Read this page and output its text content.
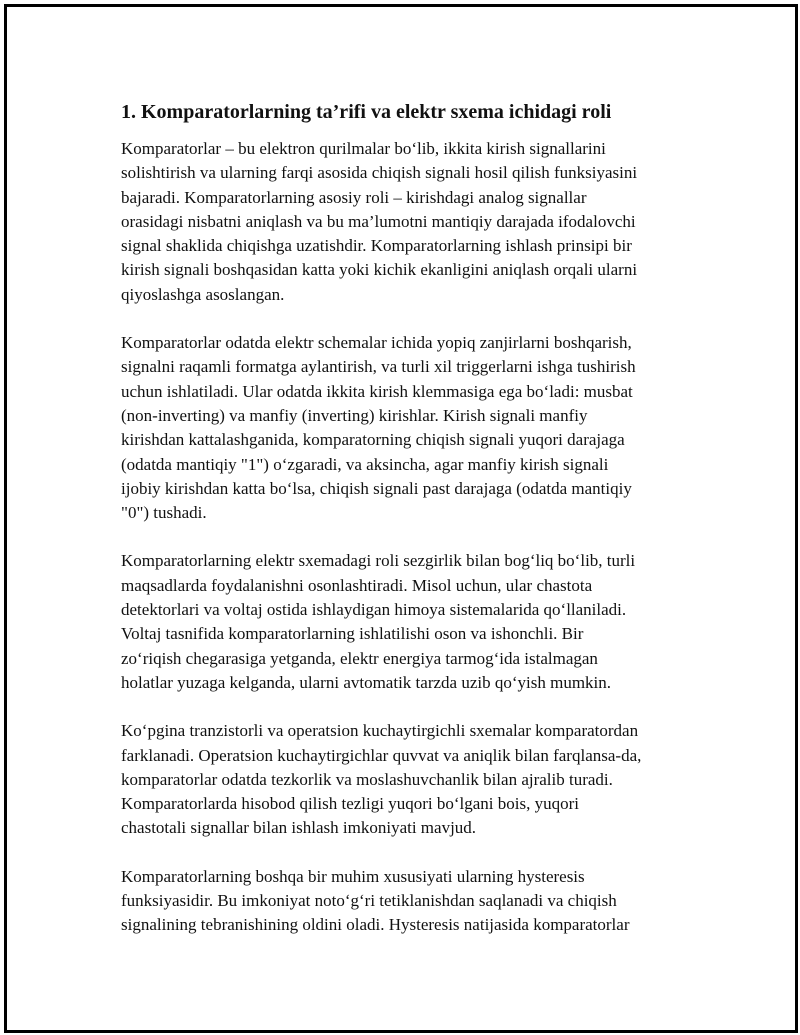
1. Komparatorlarning ta’rifi va elektr sxema ichidagi roli
Komparatorlar – bu elektron qurilmalar bo‘lib, ikkita kirish signallarini
solishtirish va ularning farqi asosida chiqish signali hosil qilish funksiyasini
bajaradi. Komparatorlarning asosiy roli – kirishdagi analog signallar
orasidagi nisbatni aniqlash va bu ma’lumotni mantiqiy darajada ifodalovchi
signal shaklida chiqishga uzatishdir. Komparatorlarning ishlash prinsipi bir
kirish signali boshqasidan katta yoki kichik ekanligini aniqlash orqali ularni
qiyoslashga asoslangan.
Komparatorlar odatda elektr schemalar ichida yopiq zanjirlarni boshqarish,
signalni raqamli formatga aylantirish, va turli xil triggerlarni ishga tushirish
uchun ishlatiladi. Ular odatda ikkita kirish klemmasiga ega bo‘ladi: musbat
(non-inverting) va manfiy (inverting) kirishlar. Kirish signali manfiy
kirishdan kattalashganida, komparatorning chiqish signali yuqori darajaga
(odatda mantiqiy "1") o‘zgaradi, va aksincha, agar manfiy kirish signali
ijobiy kirishdan katta bo‘lsa, chiqish signali past darajaga (odatda mantiqiy
"0") tushadi.
Komparatorlarning elektr sxemadagi roli sezgirlik bilan bog‘liq bo‘lib, turli
maqsadlarda foydalanishni osonlashtiradi. Misol uchun, ular chastota
detektorlari va voltaj ostida ishlaydigan himoya sistemalarida qo‘llaniladi.
Voltaj tasnifida komparatorlarning ishlatilishi oson va ishonchli. Bir
zo‘riqish chegarasiga yetganda, elektr energiya tarmog‘ida istalmagan
holatlar yuzaga kelganda, ularni avtomatik tarzda uzib qo‘yish mumkin.
Ko‘pgina tranzistorli va operatsion kuchaytirgichli sxemalar komparatordan
farklanadi. Operatsion kuchaytirgichlar quvvat va aniqlik bilan farqlansa-da,
komparatorlar odatda tezkorlik va moslashuvchanlik bilan ajralib turadi.
Komparatorlarda hisobod qilish tezligi yuqori bo‘lgani bois, yuqori
chastotali signallar bilan ishlash imkoniyati mavjud.
Komparatorlarning boshqa bir muhim xususiyati ularning hysteresis
funksiyasidir. Bu imkoniyat noto‘g‘ri tetiklanishdan saqlanadi va chiqish
signalining tebranishining oldini oladi. Hysteresis natijasida komparatorlar
